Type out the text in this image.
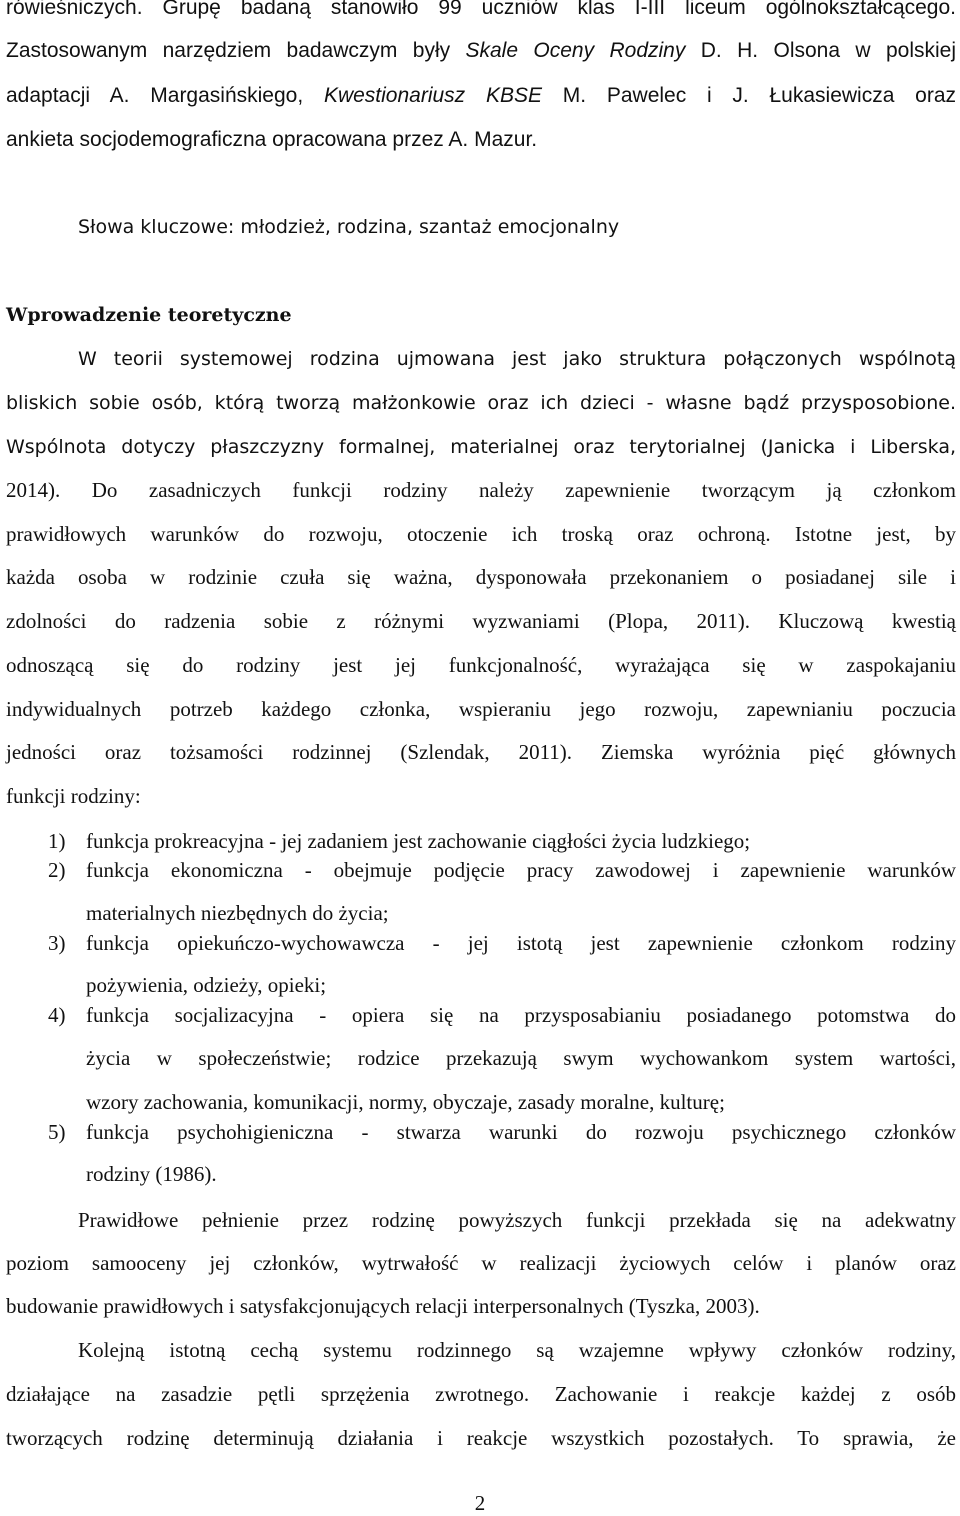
rówieśniczych. Grupę badaną stanowiło 99 uczniów klas I-III liceum ogólnokształcącego.
Zastosowanym narzędziem badawczym były Skale Oceny Rodziny D. H. Olsona w polskiej
adaptacji A. Margasińskiego, Kwestionariusz KBSE M. Pawelec i J. Łukasiewicza oraz
ankieta socjodemograficzna opracowana przez A. Mazur.
Słowa kluczowe: młodzież, rodzina, szantaż emocjonalny
Wprowadzenie teoretyczne
W teorii systemowej rodzina ujmowana jest jako struktura połączonych wspólnotą
bliskich sobie osób, którą tworzą małżonkowie oraz ich dzieci - własne bądź przysposobione.
Wspólnota dotyczy płaszczyzny formalnej, materialnej oraz terytorialnej (Janicka i Liberska,
2014). Do zasadniczych funkcji rodziny należy zapewnienie tworzącym ją członkom
prawidłowych warunków do rozwoju, otoczenie ich troską oraz ochroną. Istotne jest, by
każda osoba w rodzinie czuła się ważna, dysponowała przekonaniem o posiadanej sile i
zdolności do radzenia sobie z różnymi wyzwaniami (Plopa, 2011). Kluczową kwestią
odnoszącą się do rodziny jest jej funkcjonalność, wyrażająca się w zaspokajaniu
indywidualnych potrzeb każdego członka, wspieraniu jego rozwoju, zapewnianiu poczucia
jedności oraz tożsamości rodzinnej (Szlendak, 2011). Ziemska wyróżnia pięć głównych
funkcji rodziny:
1) funkcja prokreacyjna - jej zadaniem jest zachowanie ciągłości życia ludzkiego;
2) funkcja ekonomiczna - obejmuje podjęcie pracy zawodowej i zapewnienie warunków
materialnych niezbędnych do życia;
3) funkcja opiekuńczo-wychowawcza - jej istotą jest zapewnienie członkom rodziny
pożywienia, odzieży, opieki;
4) funkcja socjalizacyjna - opiera się na przysposabianiu posiadanego potomstwa do
życia w społeczeństwie; rodzice przekazują swym wychowankom system wartości,
wzory zachowania, komunikacji, normy, obyczaje, zasady moralne, kulturę;
5) funkcja psychohigieniczna - stwarza warunki do rozwoju psychicznego członków
rodziny (1986).
Prawidłowe pełnienie przez rodzinę powyższych funkcji przekłada się na adekwatny
poziom samooceny jej członków, wytrwałość w realizacji życiowych celów i planów oraz
budowanie prawidłowych i satysfakcjonujących relacji interpersonalnych (Tyszka, 2003).
Kolejną istotną cechą systemu rodzinnego są wzajemne wpływy członków rodziny,
działające na zasadzie pętli sprzężenia zwrotnego. Zachowanie i reakcje każdej z osób
tworzących rodzinę determinują działania i reakcje wszystkich pozostałych. To sprawia, że
2
